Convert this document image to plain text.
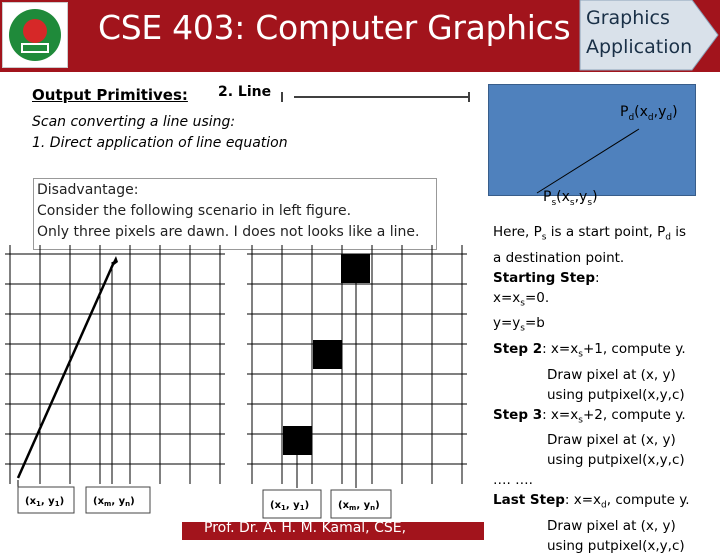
CSE 403: Computer Graphics Graphics
Application
Output Primitives: 2. Line
Scan converting a line using:
1. Direct application of line equation
Disadvantage:
Consider the following scenario in left figure.
Only three pixels are dawn. I does not looks like a line.
($x_1$, $y_1$)	($x_m$, $y_n$)	($x_1$, $y_1$)	($x_m$, $y_n$)
Prof. Dr. A. H. M. Kamal, CSE,
$P_d(x_d,y_d)$
$P_s(x_s,y_s)$
Here, $P_s$ is a start point, $P_d$ is
a destination point.
Starting Step:
$x=x_s=0$.
$y=y_s=b$
Step 2: $x=x_s+1$, compute y.
Draw pixel at (x, y)
using putpixel(x,y,c)
Step 3: $x=x_s+2$, compute y.
Draw pixel at (x, y)
using putpixel(x,y,c)
…. ….
Last Step: $x=x_d$, compute y.
Draw pixel at (x, y)
using putpixel(x,y,c)
